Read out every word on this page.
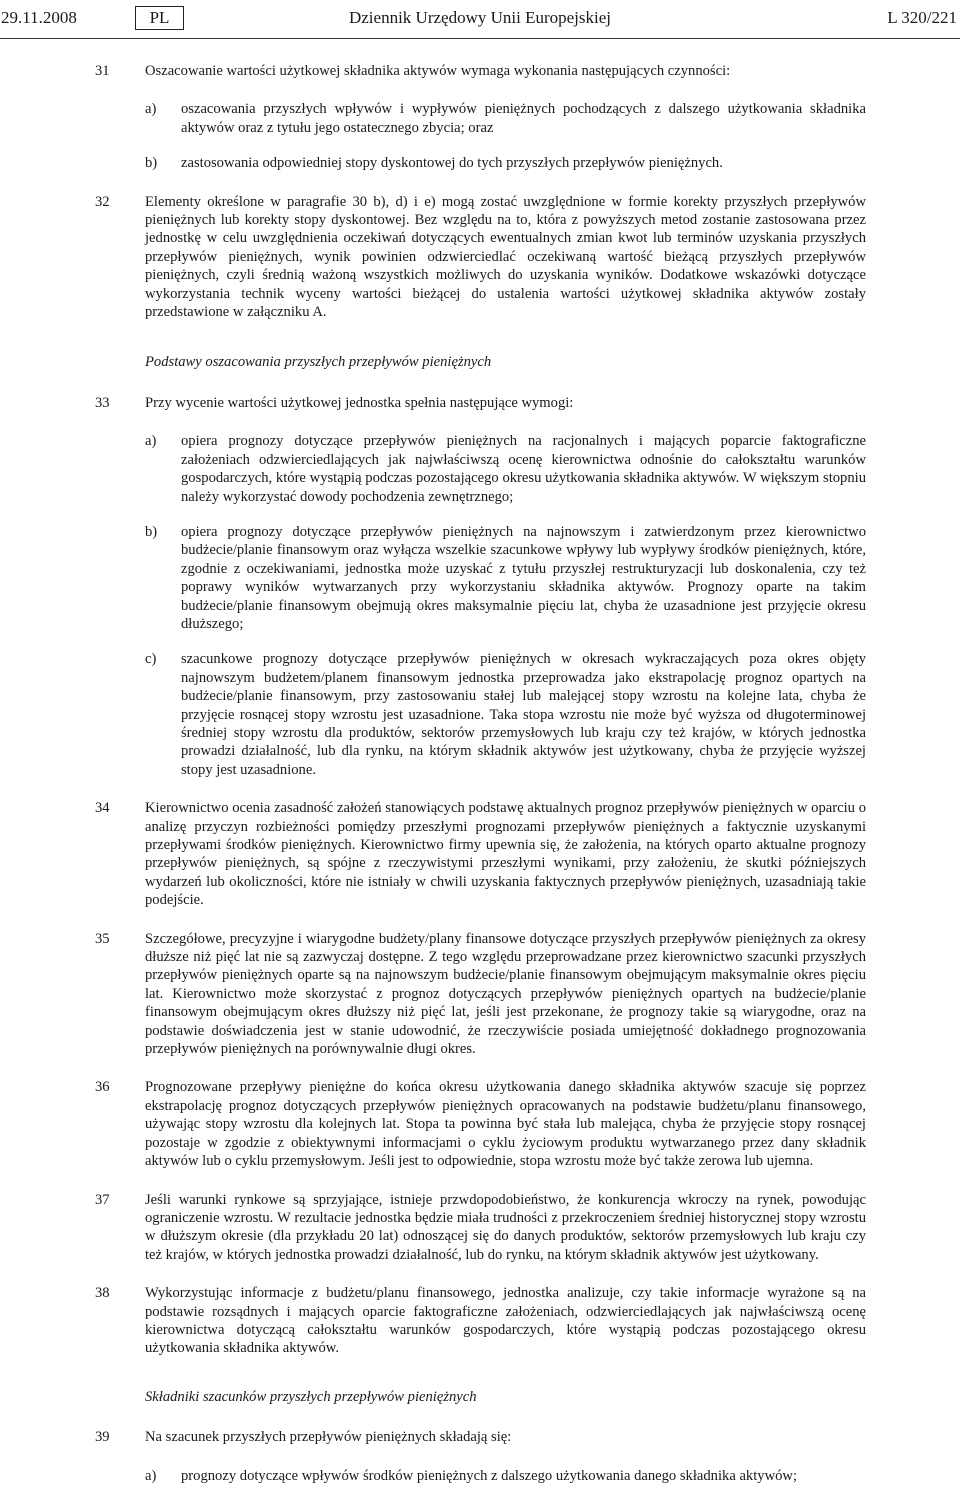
29.11.2008	PL	Dziennik Urzędowy Unii Europejskiej	L 320/221
31 Oszacowanie wartości użytkowej składnika aktywów wymaga wykonania następujących czynności:
a) oszacowania przyszłych wpływów i wypływów pieniężnych pochodzących z dalszego użytkowania składnika aktywów oraz z tytułu jego ostatecznego zbycia; oraz
b) zastosowania odpowiedniej stopy dyskontowej do tych przyszłych przepływów pieniężnych.
32 Elementy określone w paragrafie 30 b), d) i e) mogą zostać uwzględnione w formie korekty przyszłych przepływów pieniężnych lub korekty stopy dyskontowej. Bez względu na to, która z powyższych metod zostanie zastosowana przez jednostkę w celu uwzględnienia oczekiwań dotyczących ewentualnych zmian kwot lub terminów uzyskania przyszłych przepływów pieniężnych, wynik powinien odzwierciedlać oczekiwaną wartość bieżącą przyszłych przepływów pieniężnych, czyli średnią ważoną wszystkich możliwych do uzyskania wyników. Dodatkowe wskazówki dotyczące wykorzystania technik wyceny wartości bieżącej do ustalenia wartości użytkowej składnika aktywów zostały przedstawione w załączniku A.
Podstawy oszacowania przyszłych przepływów pieniężnych
33 Przy wycenie wartości użytkowej jednostka spełnia następujące wymogi:
a) opiera prognozy dotyczące przepływów pieniężnych na racjonalnych i mających poparcie faktograficzne założeniach odzwierciedlających jak najwłaściwszą ocenę kierownictwa odnośnie do całokształtu warunków gospodarczych, które wystąpią podczas pozostającego okresu użytkowania składnika aktywów. W większym stopniu należy wykorzystać dowody pochodzenia zewnętrznego;
b) opiera prognozy dotyczące przepływów pieniężnych na najnowszym i zatwierdzonym przez kierownictwo budżecie/planie finansowym oraz wyłącza wszelkie szacunkowe wpływy lub wypływy środków pieniężnych, które, zgodnie z oczekiwaniami, jednostka może uzyskać z tytułu przyszłej restrukturyzacji lub doskonalenia, czy też poprawy wyników wytwarzanych przy wykorzystaniu składnika aktywów. Prognozy oparte na takim budżecie/planie finansowym obejmują okres maksymalnie pięciu lat, chyba że uzasadnione jest przyjęcie okresu dłuższego;
c) szacunkowe prognozy dotyczące przepływów pieniężnych w okresach wykraczających poza okres objęty najnowszym budżetem/planem finansowym jednostka przeprowadza jako ekstrapolację prognoz opartych na budżecie/planie finansowym, przy zastosowaniu stałej lub malejącej stopy wzrostu na kolejne lata, chyba że przyjęcie rosnącej stopy wzrostu jest uzasadnione. Taka stopa wzrostu nie może być wyższa od długoterminowej średniej stopy wzrostu dla produktów, sektorów przemysłowych lub kraju czy też krajów, w których jednostka prowadzi działalność, lub dla rynku, na którym składnik aktywów jest użytkowany, chyba że przyjęcie wyższej stopy jest uzasadnione.
34 Kierownictwo ocenia zasadność założeń stanowiących podstawę aktualnych prognoz przepływów pieniężnych w oparciu o analizę przyczyn rozbieżności pomiędzy przeszłymi prognozami przepływów pieniężnych a faktycznie uzyskanymi przepływami środków pieniężnych. Kierownictwo firmy upewnia się, że założenia, na których oparto aktualne prognozy przepływów pieniężnych, są spójne z rzeczywistymi przeszłymi wynikami, przy założeniu, że skutki późniejszych wydarzeń lub okoliczności, które nie istniały w chwili uzyskania faktycznych przepływów pieniężnych, uzasadniają takie podejście.
35 Szczegółowe, precyzyjne i wiarygodne budżety/plany finansowe dotyczące przyszłych przepływów pieniężnych za okresy dłuższe niż pięć lat nie są zazwyczaj dostępne. Z tego względu przeprowadzane przez kierownictwo szacunki przyszłych przepływów pieniężnych oparte są na najnowszym budżecie/planie finansowym obejmującym maksymalnie okres pięciu lat. Kierownictwo może skorzystać z prognoz dotyczących przepływów pieniężnych opartych na budżecie/planie finansowym obejmującym okres dłuższy niż pięć lat, jeśli jest przekonane, że prognozy takie są wiarygodne, oraz na podstawie doświadczenia jest w stanie udowodnić, że rzeczywiście posiada umiejętność dokładnego prognozowania przepływów pieniężnych na porównywalnie długi okres.
36 Prognozowane przepływy pieniężne do końca okresu użytkowania danego składnika aktywów szacuje się poprzez ekstrapolację prognoz dotyczących przepływów pieniężnych opracowanych na podstawie budżetu/planu finansowego, używając stopy wzrostu dla kolejnych lat. Stopa ta powinna być stała lub malejąca, chyba że przyjęcie stopy rosnącej pozostaje w zgodzie z obiektywnymi informacjami o cyklu życiowym produktu wytwarzanego przez dany składnik aktywów lub o cyklu przemysłowym. Jeśli jest to odpowiednie, stopa wzrostu może być także zerowa lub ujemna.
37 Jeśli warunki rynkowe są sprzyjające, istnieje przwdopodobieństwo, że konkurencja wkroczy na rynek, powodując ograniczenie wzrostu. W rezultacie jednostka będzie miała trudności z przekroczeniem średniej historycznej stopy wzrostu w dłuższym okresie (dla przykładu 20 lat) odnoszącej się do danych produktów, sektorów przemysłowych lub kraju czy też krajów, w których jednostka prowadzi działalność, lub do rynku, na którym składnik aktywów jest użytkowany.
38 Wykorzystując informacje z budżetu/planu finansowego, jednostka analizuje, czy takie informacje wyrażone są na podstawie rozsądnych i mających oparcie faktograficzne założeniach, odzwierciedlających jak najwłaściwszą ocenę kierownictwa dotyczącą całokształtu warunków gospodarczych, które wystąpią podczas pozostającego okresu użytkowania składnika aktywów.
Składniki szacunków przyszłych przepływów pieniężnych
39 Na szacunek przyszłych przepływów pieniężnych składają się:
a) prognozy dotyczące wpływów środków pieniężnych z dalszego użytkowania danego składnika aktywów;
